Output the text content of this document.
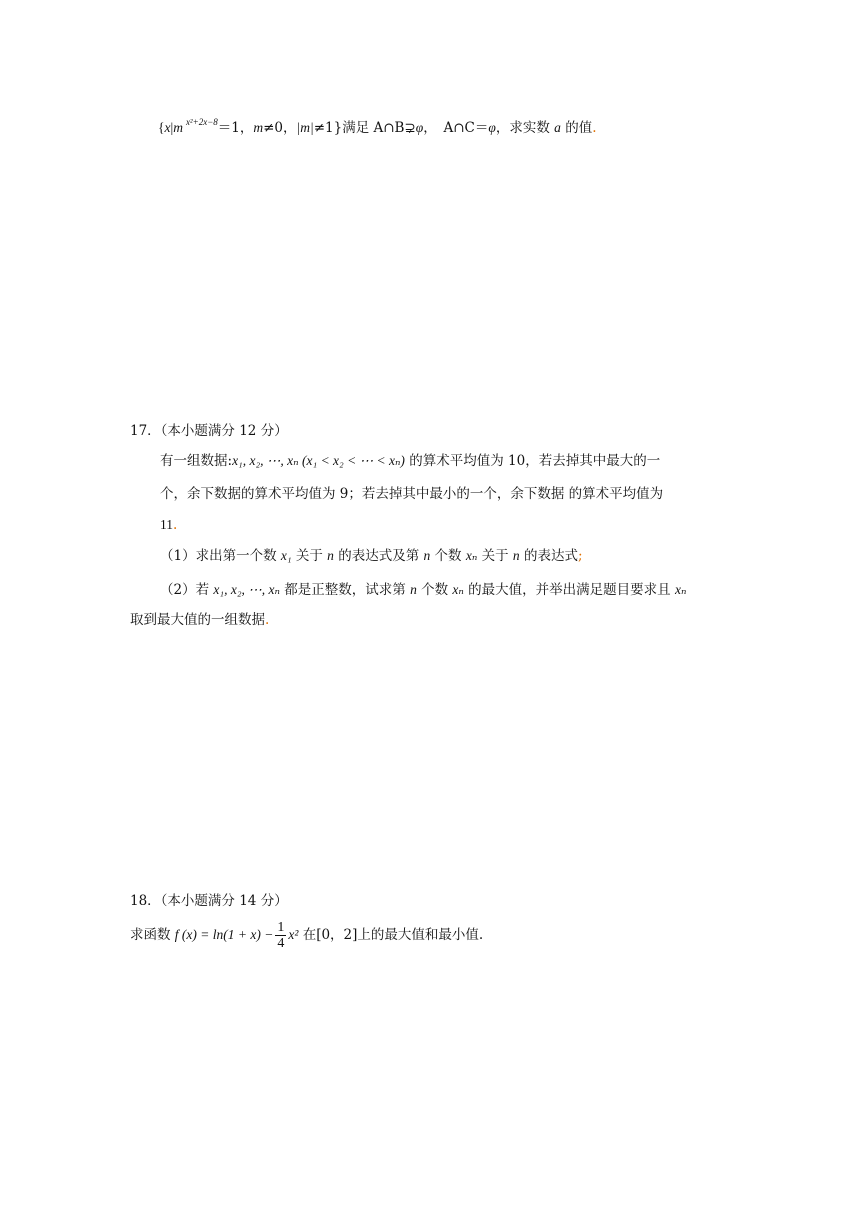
{x|m $^{x^2+2x-8}$＝1，m≠0，|m|≠1}满足 A∩B⊋φ，　A∩C＝φ，求实数 a 的值.
17．（本小题满分 12 分）
有一组数据:x₁, x₂, ⋯, xₙ (x₁ < x₂ < ⋯ < xₙ) 的算术平均值为 10，若去掉其中最大的一
个，余下数据的算术平均值为 9；若去掉其中最小的一个，余下数据 的算术平均值为
11.
（1）求出第一个数 x₁ 关于 n 的表达式及第 n 个数 xₙ 关于 n 的表达式;
（2）若 x₁, x₂, ⋯, xₙ 都是正整数，试求第 n 个数 xₙ 的最大值，并举出满足题目要求且 xₙ
取到最大值的一组数据.
18．（本小题满分 14 分）
求函数 f $(x) = \ln(1 + x) - \frac{1}{4} x^2$ 在[0，2]上的最大值和最小值.
